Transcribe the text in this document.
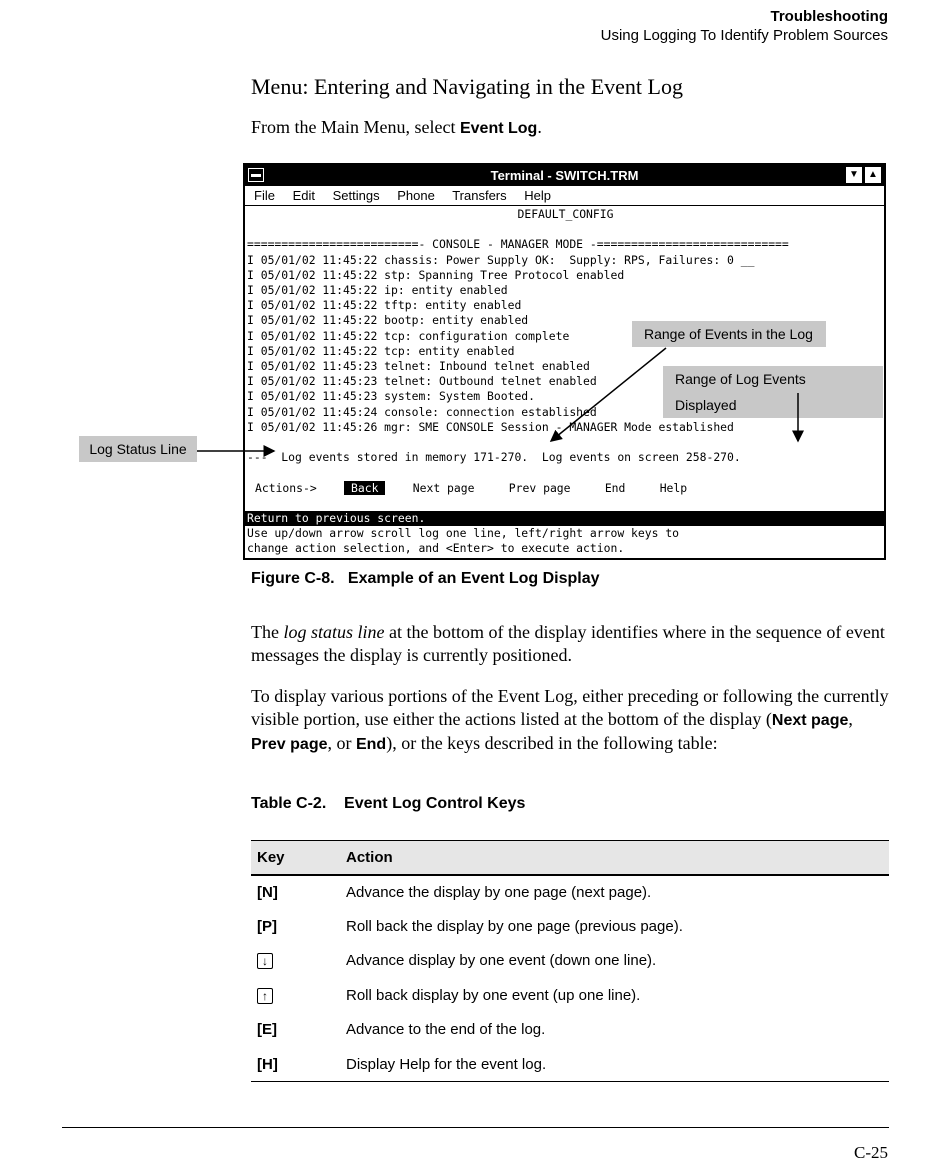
Troubleshooting
Using Logging To Identify Problem Sources
Menu: Entering and Navigating in the Event Log
From the Main Menu, select Event Log.
Terminal - SWITCH.TRM	▼ ▲
File Edit Settings Phone Transfers Help
DEFAULT_CONFIG

=========================- CONSOLE - MANAGER MODE -============================
I 05/01/02 11:45:22 chassis: Power Supply OK:  Supply: RPS, Failures: 0 __
I 05/01/02 11:45:22 stp: Spanning Tree Protocol enabled
I 05/01/02 11:45:22 ip: entity enabled
I 05/01/02 11:45:22 tftp: entity enabled
I 05/01/02 11:45:22 bootp: entity enabled
I 05/01/02 11:45:22 tcp: configuration complete
I 05/01/02 11:45:22 tcp: entity enabled
I 05/01/02 11:45:23 telnet: Inbound telnet enabled
I 05/01/02 11:45:23 telnet: Outbound telnet enabled
I 05/01/02 11:45:23 system: System Booted.
I 05/01/02 11:45:24 console: connection established
I 05/01/02 11:45:26 mgr: SME CONSOLE Session - MANAGER Mode established

---  Log events stored in memory 171-270.  Log events on screen 258-270.

Actions->	Back	Next page	Prev page	End	Help

Return to previous screen.
Use up/down arrow scroll log one line, left/right arrow keys to
change action selection, and <Enter> to execute action.
Range of Events in the Log
Range of Log Events Displayed
Log Status Line
Figure C-8.   Example of an Event Log Display
The log status line at the bottom of the display identifies where in the sequence of event messages the display is currently positioned.
To display various portions of the Event Log, either preceding or following the currently visible portion, use either the actions listed at the bottom of the display (Next page, Prev page, or End), or the keys described in the following table:
Table C-2.    Event Log Control Keys
Key	Action
[N]	Advance the display by one page (next page).
[P]	Roll back the display by one page (previous page).
↓	Advance display by one event (down one line).
↑	Roll back display by one event (up one line).
[E]	Advance to the end of the log.
[H]	Display Help for the event log.
C-25
